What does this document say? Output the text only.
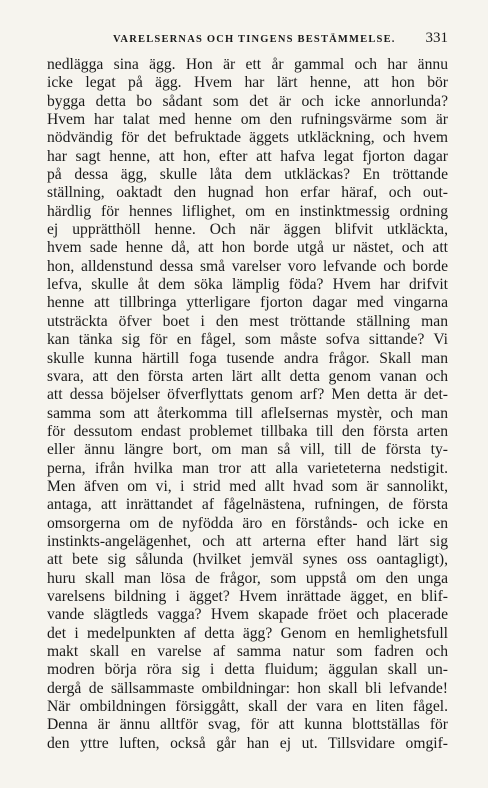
VARELSERNAS OCH TINGENS BESTÄMMELSE. 331
nedlägga sina ägg. Hon är ett år gammal och har ännu
icke legat på ägg. Hvem har lärt henne, att hon bör
bygga detta bo sådant som det är och icke annorlunda?
Hvem har talat med henne om den rufningsvärme som är
nödvändig för det befruktade äggets utkläckning, och hvem
har sagt henne, att hon, efter att hafva legat fjorton dagar
på dessa ägg, skulle låta dem utkläckas? En tröttande
ställning, oaktadt den hugnad hon erfar häraf, och out-
härdlig för hennes liflighet, om en instinktmessig ordning
ej upprätthöll henne. Och när äggen blifvit utkläckta,
hvem sade henne då, att hon borde utgå ur nästet, och att
hon, alldenstund dessa små varelser voro lefvande och borde
lefva, skulle åt dem söka lämplig föda? Hvem har drifvit
henne att tillbringa ytterligare fjorton dagar med vingarna
utsträckta öfver boet i den mest tröttande ställning man
kan tänka sig för en fågel, som måste sofva sittande? Vi
skulle kunna härtill foga tusende andra frågor. Skall man
svara, att den första arten lärt allt detta genom vanan och
att dessa böjelser öfverflyttats genom arf? Men detta är det-
samma som att återkomma till afleIsernas mystèr, och man
för dessutom endast problemet tillbaka till den första arten
eller ännu längre bort, om man så vill, till de första ty-
perna, ifrån hvilka man tror att alla varieteterna nedstigit.
Men äfven om vi, i strid med allt hvad som är sannolikt,
antaga, att inrättandet af fågelnästena, rufningen, de första
omsorgerna om de nyfödda äro en förstånds- och icke en
instinkts-angelägenhet, och att arterna efter hand lärt sig
att bete sig sålunda (hvilket jemväl synes oss oantagligt),
huru skall man lösa de frågor, som uppstå om den unga
varelsens bildning i ägget? Hvem inrättade ägget, en blif-
vande slägtleds vagga? Hvem skapade fröet och placerade
det i medelpunkten af detta ägg? Genom en hemlighetsfull
makt skall en varelse af samma natur som fadren och
modren börja röra sig i detta fluidum; äggulan skall un-
dergå de sällsammaste ombildningar: hon skall bli lefvande!
När ombildningen försiggått, skall der vara en liten fågel.
Denna är ännu alltför svag, för att kunna blottställas för
den yttre luften, också går han ej ut. Tillsvidare omgif-
